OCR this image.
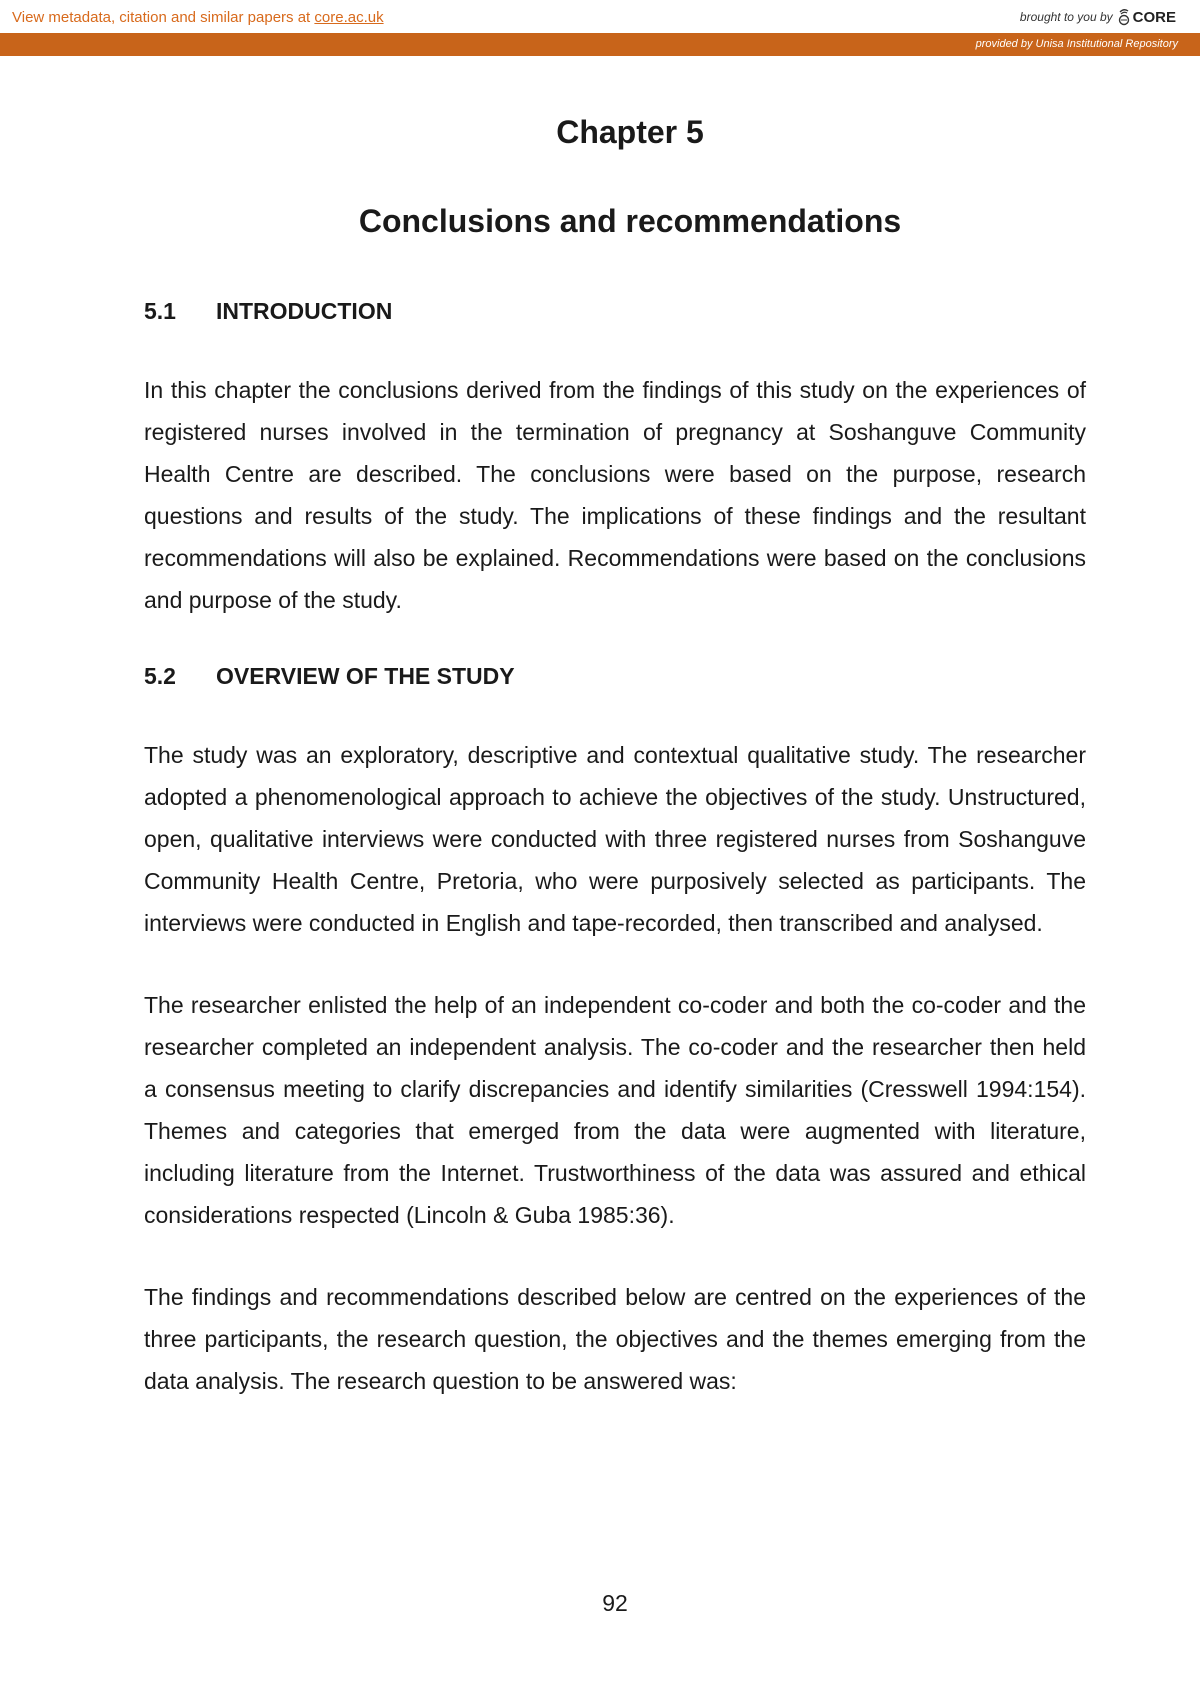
View metadata, citation and similar papers at core.ac.uk	brought to you by CORE
provided by Unisa Institutional Repository
Chapter 5
Conclusions and recommendations
5.1	INTRODUCTION

In this chapter the conclusions derived from the findings of this study on the experiences of registered nurses involved in the termination of pregnancy at Soshanguve Community Health Centre are described. The conclusions were based on the purpose, research questions and results of the study. The implications of these findings and the resultant recommendations will also be explained. Recommendations were based on the conclusions and purpose of the study.

5.2	OVERVIEW OF THE STUDY

The study was an exploratory, descriptive and contextual qualitative study. The researcher adopted a phenomenological approach to achieve the objectives of the study. Unstructured, open, qualitative interviews were conducted with three registered nurses from Soshanguve Community Health Centre, Pretoria, who were purposively selected as participants. The interviews were conducted in English and tape-recorded, then transcribed and analysed.

The researcher enlisted the help of an independent co-coder and both the co-coder and the researcher completed an independent analysis. The co-coder and the researcher then held a consensus meeting to clarify discrepancies and identify similarities (Cresswell 1994:154). Themes and categories that emerged from the data were augmented with literature, including literature from the Internet. Trustworthiness of the data was assured and ethical considerations respected (Lincoln & Guba 1985:36).

The findings and recommendations described below are centred on the experiences of the three participants, the research question, the objectives and the themes emerging from the data analysis. The research question to be answered was:

92
